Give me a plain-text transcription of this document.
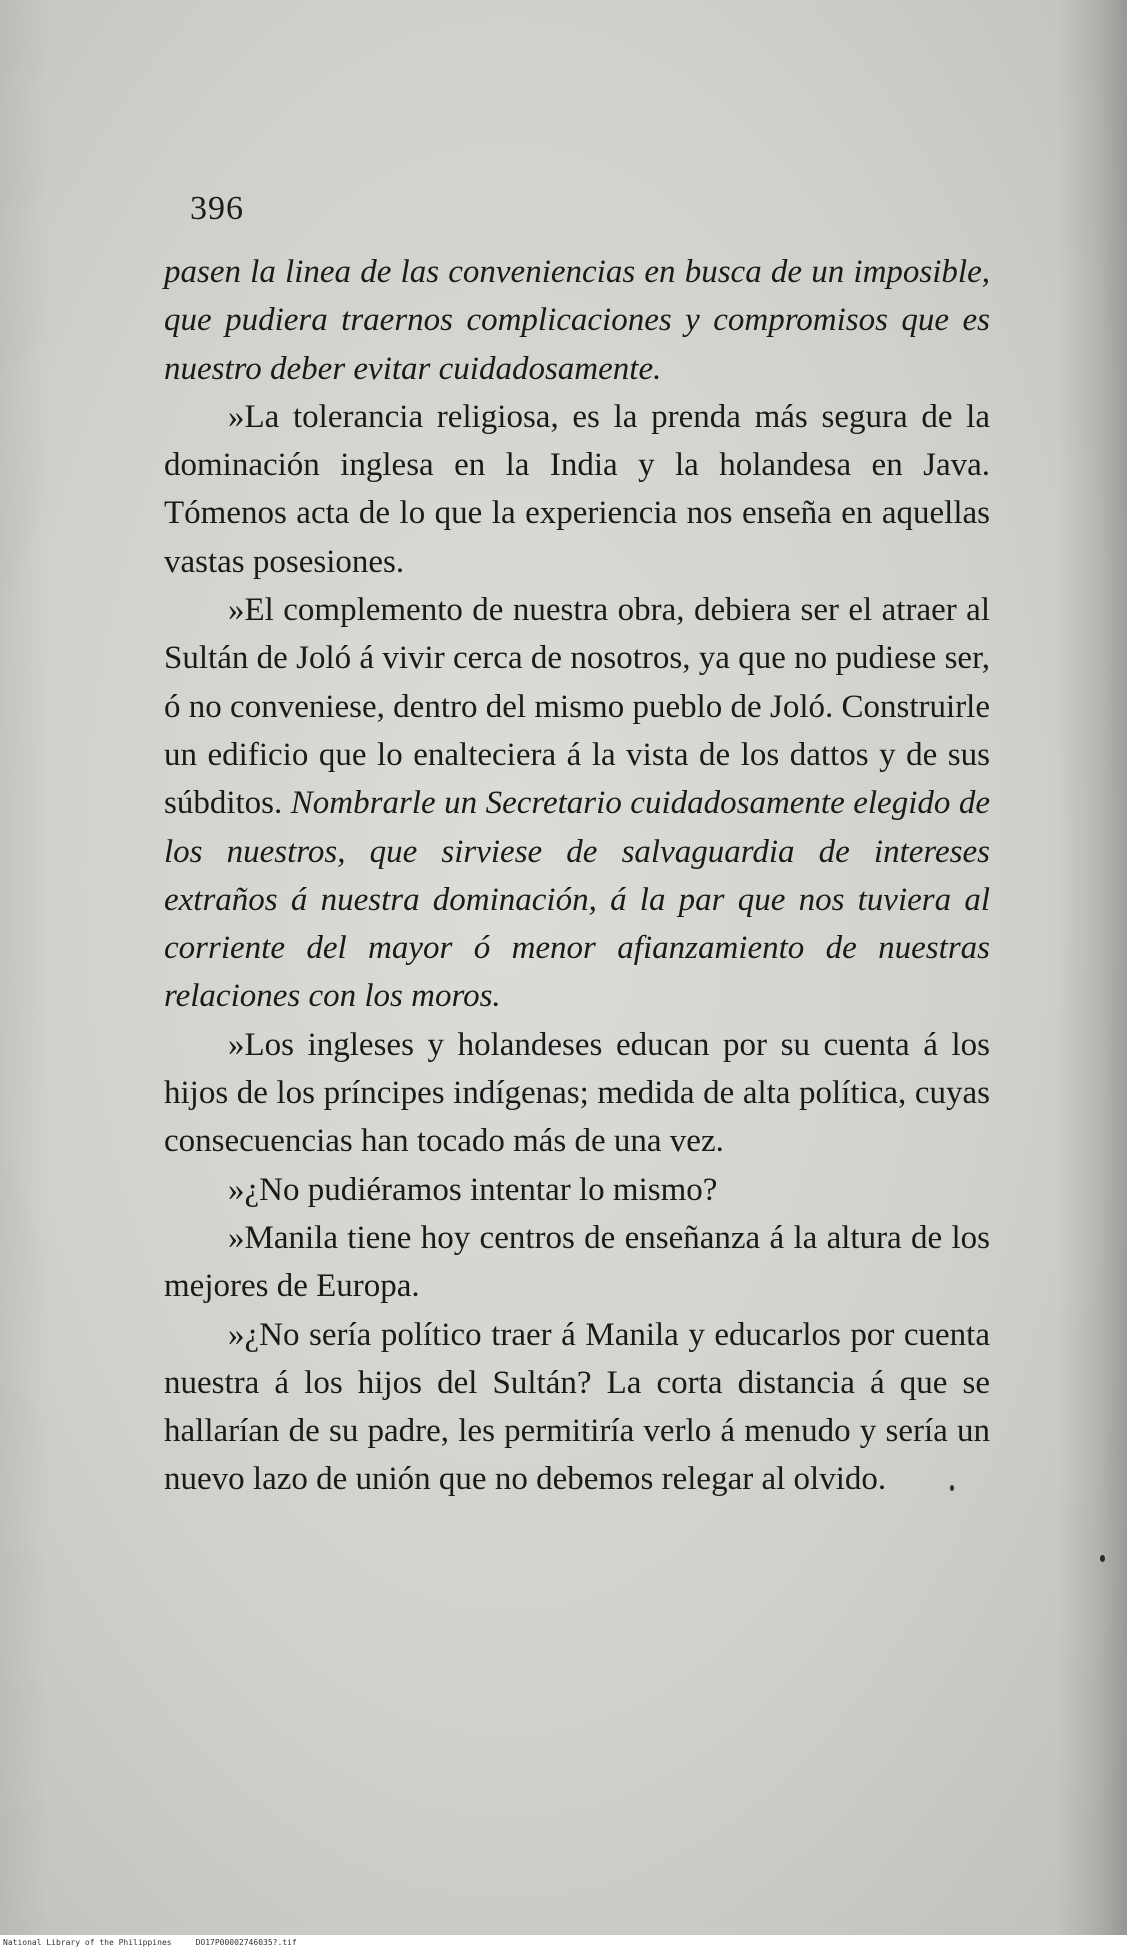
396

pasen la linea de las conveniencias en busca de un imposible, que pudiera traernos complicaciones y compromisos que es nuestro deber evitar cuidadosamente.

»La tolerancia religiosa, es la prenda más segura de la dominación inglesa en la India y la holandesa en Java. Tómenos acta de lo que la experiencia nos enseña en aquellas vastas posesiones.

»El complemento de nuestra obra, debiera ser el atraer al Sultán de Joló á vivir cerca de nosotros, ya que no pudiese ser, ó no conveniese, dentro del mismo pueblo de Joló. Construirle un edificio que lo enalteciera á la vista de los dattos y de sus súbditos. Nombrarle un Secretario cuidadosamente elegido de los nuestros, que sirviese de salvaguardia de intereses extraños á nuestra dominación, á la par que nos tuviera al corriente del mayor ó menor afianzamiento de nuestras relaciones con los moros.

»Los ingleses y holandeses educan por su cuenta á los hijos de los príncipes indígenas; medida de alta política, cuyas consecuencias han tocado más de una vez.

»¿No pudiéramos intentar lo mismo?

»Manila tiene hoy centros de enseñanza á la altura de los mejores de Europa.

»¿No sería político traer á Manila y educarlos por cuenta nuestra á los hijos del Sultán? La corta distancia á que se hallarían de su padre, les permitiría verlo á menudo y sería un nuevo lazo de unión que no debemos relegar al olvido.

National Library of the Philippines	DO17P00002746035?.tif
